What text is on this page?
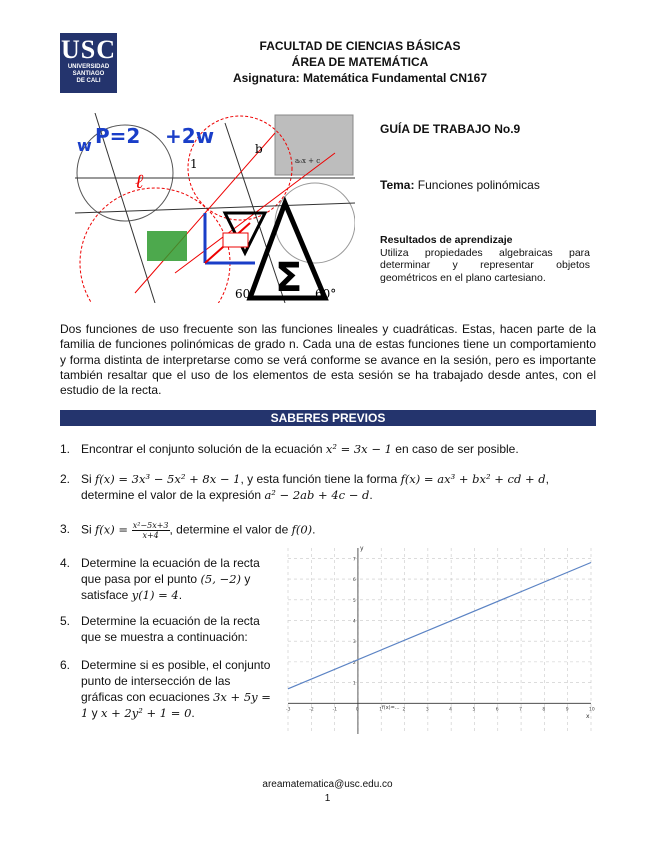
USC
UNIVERSIDAD
SANTIAGO
DE CALI
FACULTAD DE CIENCIAS BÁSICAS
ÁREA DE MATEMÁTICA
Asignatura: Matemática Fundamental CN167
P=2 +2w
w
ℓ
a₀x + c
1
b
60°	60°
Σ
GUÍA DE TRABAJO No.9
Tema: Funciones polinómicas
Resultados de aprendizaje
Utiliza propiedades algebraicas para determinar y representar objetos geométricos en el plano cartesiano.
Dos funciones de uso frecuente son las funciones lineales y cuadráticas. Estas, hacen parte de la familia de funciones polinómicas de grado n. Cada una de estas funciones tiene un comportamiento y forma distinta de interpretarse como se verá conforme se avance en la sesión, pero es importante también resaltar que el uso de los elementos de esta sesión se ha trabajado desde antes, con el estudio de la recta.
SABERES PREVIOS
1. Encontrar el conjunto solución de la ecuación x² = 3x − 1 en caso de ser posible.
2. Si f(x) = 3x³ − 5x² + 8x − 1, y esta función tiene la forma f(x) = ax³ + bx² + cd + d,
determine el valor de la expresión a² − 2ab + 4c − d.
3. Si $f(x) = \frac{\text{x²−5x+3}}{x+4}$ , determine el valor de f(0).
4. Determine la ecuación de la recta
que pasa por el punto (5, −2) y
satisface y(1) = 4.
5. Determine la ecuación de la recta
que se muestra a continuación:
6. Determine si es posible, el conjunto
punto de intersección de las
gráficas con ecuaciones 3x + 5y =
1 y x + 2y² + 1 = 0.	-3	-2	-1	0	1	2	3	4	5	6	7	8	9	10
1
2
3
4
5
6
7
f(x)=...
x
y
areamatematica@usc.edu.co
1
